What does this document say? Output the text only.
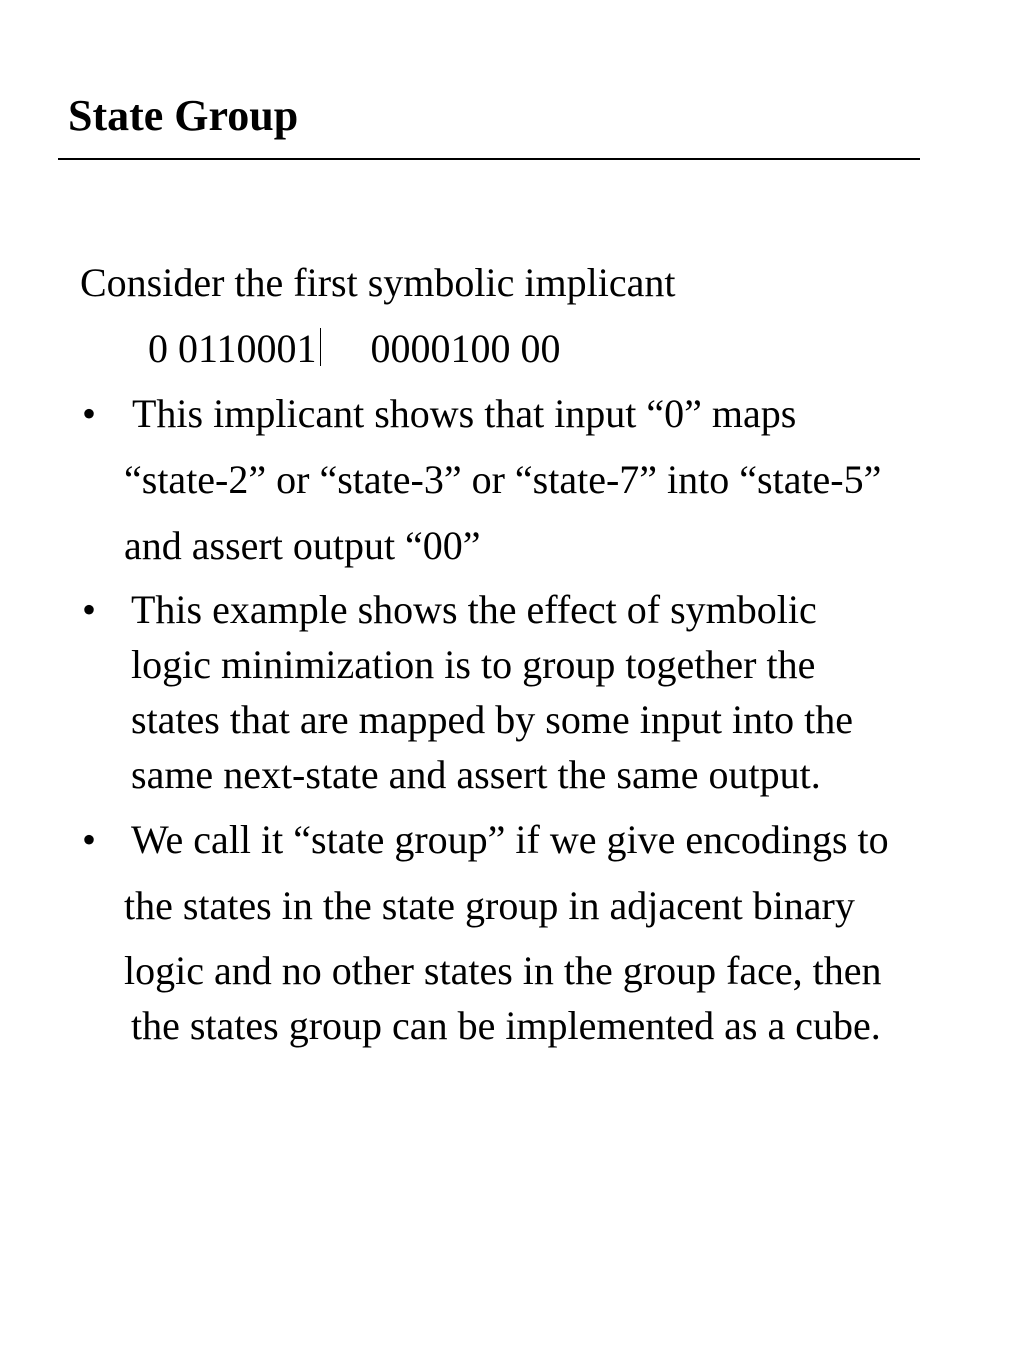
State Group
Consider the first symbolic implicant
0 0110001 0000100 00
• This implicant shows that input “0” maps
“state-2” or “state-3” or “state-7” into “state-5”
and assert output “00”
• This example shows the effect of symbolic
logic minimization is to group together the
states that are mapped by some input into the
same next-state and assert the same output.
• We call it “state group” if we give encodings to
the states in the state group in adjacent binary
logic and no other states in the group face, then
the states group can be implemented as a cube.
